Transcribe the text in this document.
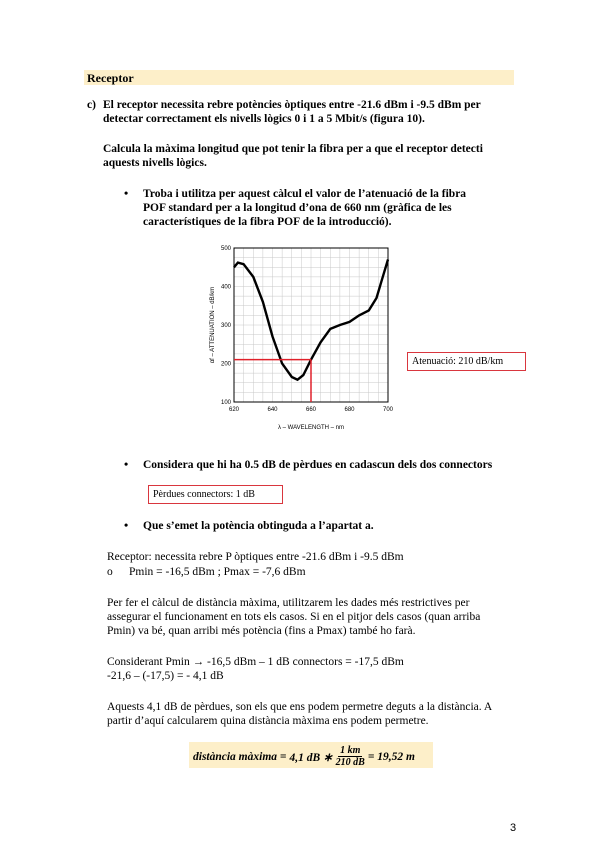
Receptor
c) El receptor necessita rebre potències òptiques entre -21.6 dBm i -9.5 dBm per
detectar correctament els nivells lògics 0 i 1 a 5 Mbit/s (figura 10).
Calcula la màxima longitud que pot tenir la fibra per a que el receptor detecti
aquests nivells lògics.
• Troba i utilitza per aquest càlcul el valor de l’atenuació de la fibra
POF standard per a la longitud d’ona de 660 nm (gràfica de les
característiques de la fibra POF de la introducció).
620	640	660	680	700
100
200
300
400
500
λ – WAVELENGTH – nm
αf – ATTENUATION – dB/km	Atenuació: 210 dB/km
• Considera que hi ha 0.5 dB de pèrdues en cadascun dels dos connectors
Pèrdues connectors: 1 dB
• Que s’emet la potència obtinguda a l’apartat a.
Receptor: necessita rebre P òptiques entre -21.6 dBm i -9.5 dBm
o Pmin = -16,5 dBm ; Pmax = -7,6 dBm
Per fer el càlcul de distància màxima, utilitzarem les dades més restrictives per
assegurar el funcionament en tots els casos. Si en el pitjor dels casos (quan arriba
Pmin) va bé, quan arribi més potència (fins a Pmax) també ho farà.
Considerant Pmin → -16,5 dBm – 1 dB connectors = -17,5 dBm
-21,6 – (-17,5) = - 4,1 dB
Aquests 4,1 dB de pèrdues, son els que ens podem permetre deguts a la distància. A
partir d’aquí calcularem quina distància màxima ens podem permetre.
distància màxima = 4,1 dB ∗ $\frac{1 km}{210 dB} = 19,52$ m
3
